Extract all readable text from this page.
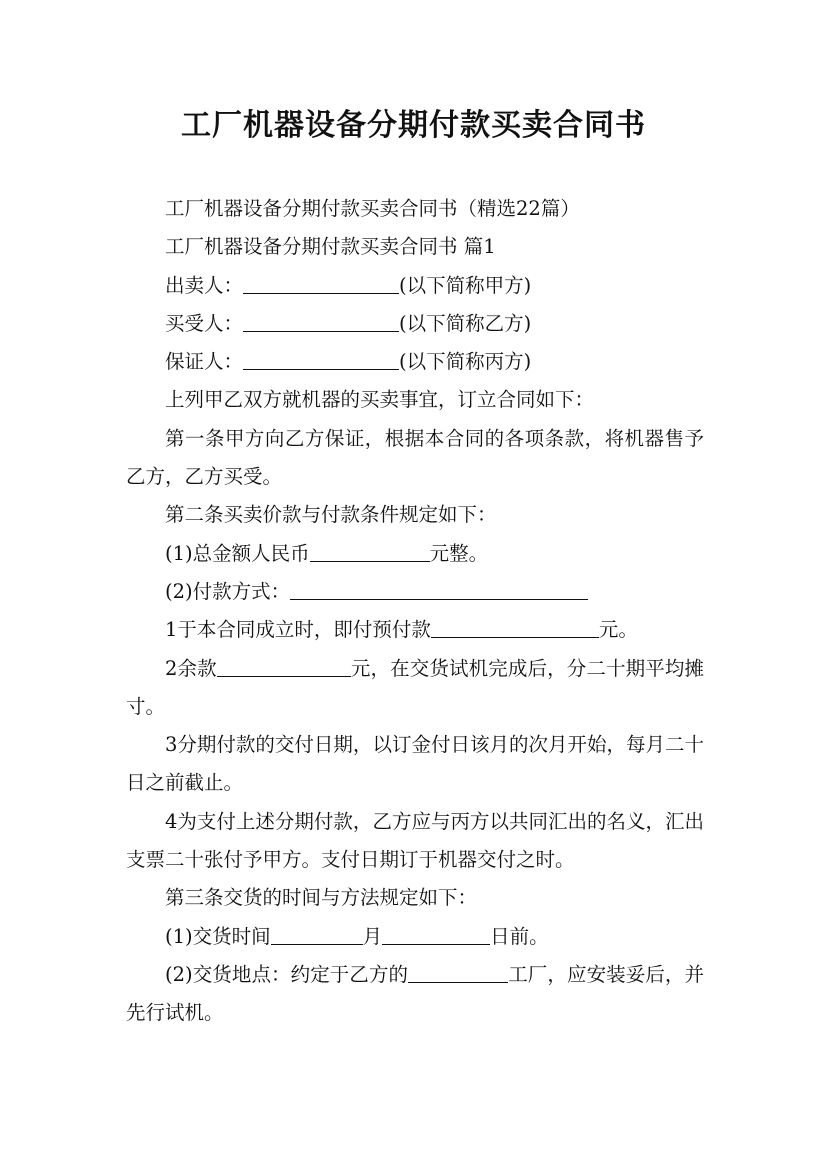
工厂机器设备分期付款买卖合同书

工厂机器设备分期付款买卖合同书（精选22篇）

工厂机器设备分期付款买卖合同书 篇1

出卖人：	(以下简称甲方)

买受人：	(以下简称乙方)

保证人：	(以下简称丙方)

上列甲乙双方就机器的买卖事宜，订立合同如下：

第一条甲方向乙方保证，根据本合同的各项条款，将机器售予乙方，乙方买受。

第二条买卖价款与付款条件规定如下：

(1)总金额人民币	元整。

(2)付款方式：

1于本合同成立时，即付预付款	元。

2余款	元，在交货试机完成后，分二十期平均摊寸。

3分期付款的交付日期，以订金付日该月的次月开始，每月二十日之前截止。

4为支付上述分期付款，乙方应与丙方以共同汇出的名义，汇出支票二十张付予甲方。支付日期订于机器交付之时。

第三条交货的时间与方法规定如下：

(1)交货时间	月	日前。

(2)交货地点：约定于乙方的	工厂，应安装妥后，并先行试机。
